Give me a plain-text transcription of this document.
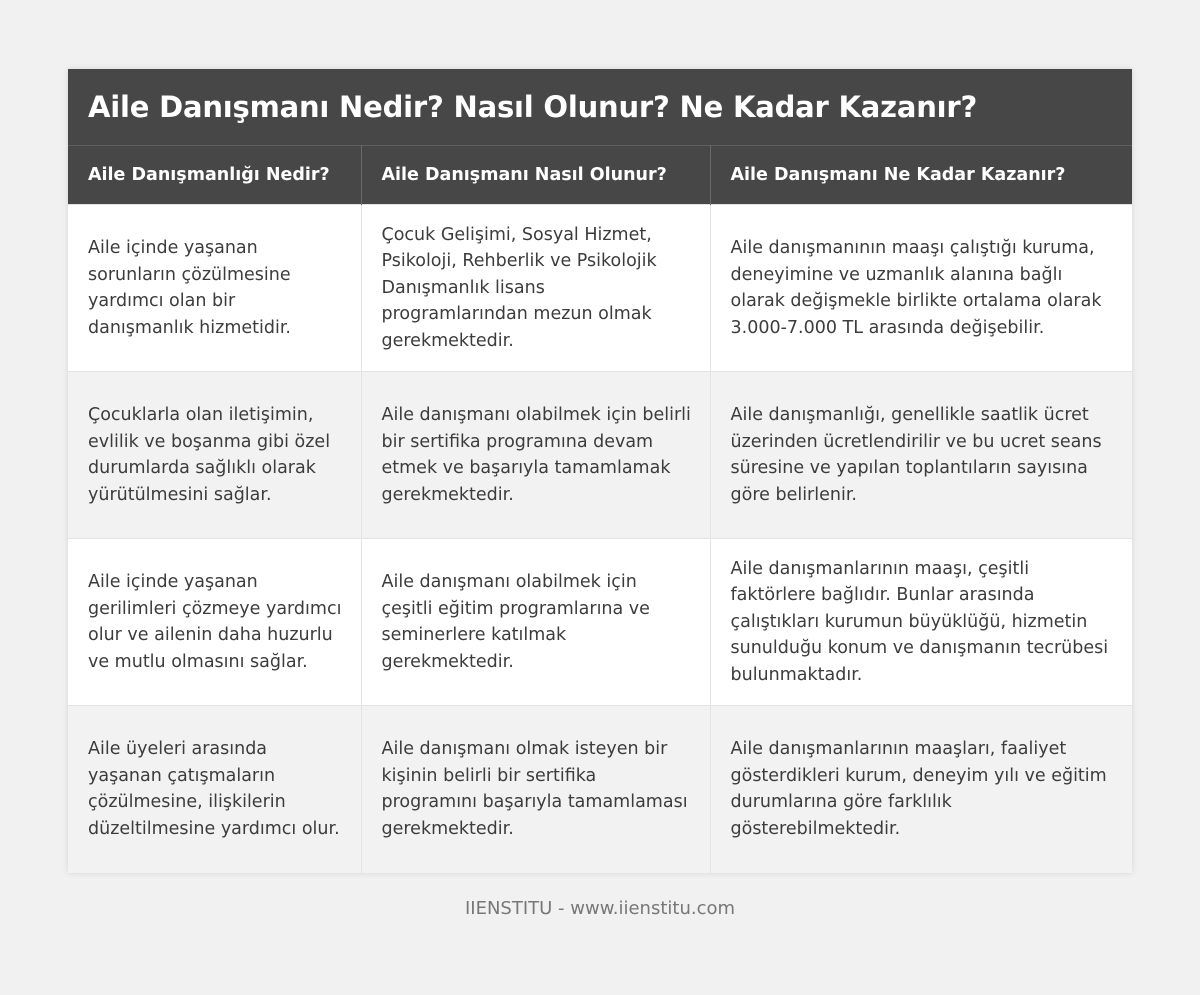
Aile Danışmanı Nedir? Nasıl Olunur? Ne Kadar Kazanır?
Aile Danışmanlığı Nedir?	Aile Danışmanı Nasıl Olunur?	Aile Danışmanı Ne Kadar Kazanır?
Aile içinde yaşanan sorunların çözülmesine yardımcı olan bir danışmanlık hizmetidir.	Çocuk Gelişimi, Sosyal Hizmet, Psikoloji, Rehberlik ve Psikolojik Danışmanlık lisans programlarından mezun olmak gerekmektedir.	Aile danışmanının maaşı çalıştığı kuruma, deneyimine ve uzmanlık alanına bağlı olarak değişmekle birlikte ortalama olarak 3.000-7.000 TL arasında değişebilir.
Çocuklarla olan iletişimin, evlilik ve boşanma gibi özel durumlarda sağlıklı olarak yürütülmesini sağlar.	Aile danışmanı olabilmek için belirli bir sertifika programına devam etmek ve başarıyla tamamlamak gerekmektedir.	Aile danışmanlığı, genellikle saatlik ücret üzerinden ücretlendirilir ve bu ucret seans süresine ve yapılan toplantıların sayısına göre belirlenir.
Aile içinde yaşanan gerilimleri çözmeye yardımcı olur ve ailenin daha huzurlu ve mutlu olmasını sağlar.	Aile danışmanı olabilmek için çeşitli eğitim programlarına ve seminerlere katılmak gerekmektedir.	Aile danışmanlarının maaşı, çeşitli faktörlere bağlıdır. Bunlar arasında çalıştıkları kurumun büyüklüğü, hizmetin sunulduğu konum ve danışmanın tecrübesi bulunmaktadır.
Aile üyeleri arasında yaşanan çatışmaların çözülmesine, ilişkilerin düzeltilmesine yardımcı olur.	Aile danışmanı olmak isteyen bir kişinin belirli bir sertifika programını başarıyla tamamlaması gerekmektedir.	Aile danışmanlarının maaşları, faaliyet gösterdikleri kurum, deneyim yılı ve eğitim durumlarına göre farklılık gösterebilmektedir.
IIENSTITU - www.iienstitu.com
